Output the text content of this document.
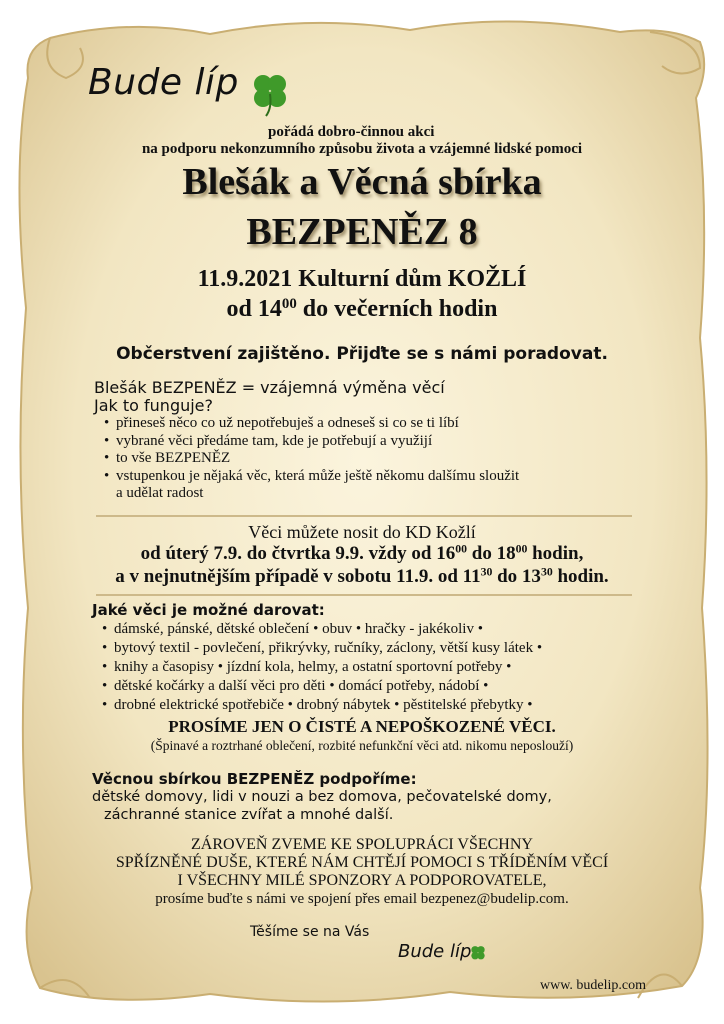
Bude líp
pořádá dobro-činnou akci
na podporu nekonzumního způsobu života a vzájemné lidské pomoci
Blešák a Věcná sbírka
BEZPENĚZ 8
11.9.2021 Kulturní dům KOŽLÍ
od $14^{00}$ do večerních hodin
Občerstvení zajištěno. Přijďte se s námi poradovat.
Blešák BEZPENĚZ = vzájemná výměna věcí
Jak to funguje?
• přineseš něco co už nepotřebuješ a odneseš si co se ti líbí
• vybrané věci předáme tam, kde je potřebují a využijí
• to vše BEZPENĚZ
• vstupenkou je nějaká věc, která může ještě někomu dalšímu sloužit
a udělat radost
Věci můžete nosit do KD Kožlí
od úterý 7.9. do čtvrtka 9.9. vždy od $16^{00}$ do $18^{00}$ hodin,
a v nejnutnějším případě v sobotu 11.9. od $11^{30}$ do $13^{30}$ hodin.
Jaké věci je možné darovat:
• dámské, pánské, dětské oblečení • obuv • hračky - jakékoliv •
• bytový textil - povlečení, přikrývky, ručníky, záclony, větší kusy látek •
• knihy a časopisy • jízdní kola, helmy, a ostatní sportovní potřeby •
• dětské kočárky a další věci pro děti • domácí potřeby, nádobí •
• drobné elektrické spotřebiče • drobný nábytek • pěstitelské přebytky •
PROSÍME JEN O ČISTÉ A NEPOŠKOZENÉ VĚCI.
(Špinavé a roztrhané oblečení, rozbité nefunkční věci atd. nikomu neposlouží)
Věcnou sbírkou BEZPENĚZ podpoříme:
dětské domovy, lidi v nouzi a bez domova, pečovatelské domy,
záchranné stanice zvířat a mnohé další.
ZÁROVEŇ ZVEME KE SPOLUPRÁCI VŠECHNY
SPŘÍZNĚNÉ DUŠE, KTERÉ NÁM CHTĚJÍ POMOCI S TŘÍDĚNÍM VĚCÍ
I VŠECHNY MILÉ SPONZORY A PODPOROVATELE,
prosíme buďte s námi ve spojení přes email bezpenez@budelip.com.
Těšíme se na Vás
Bude líp
www. budelip.com
